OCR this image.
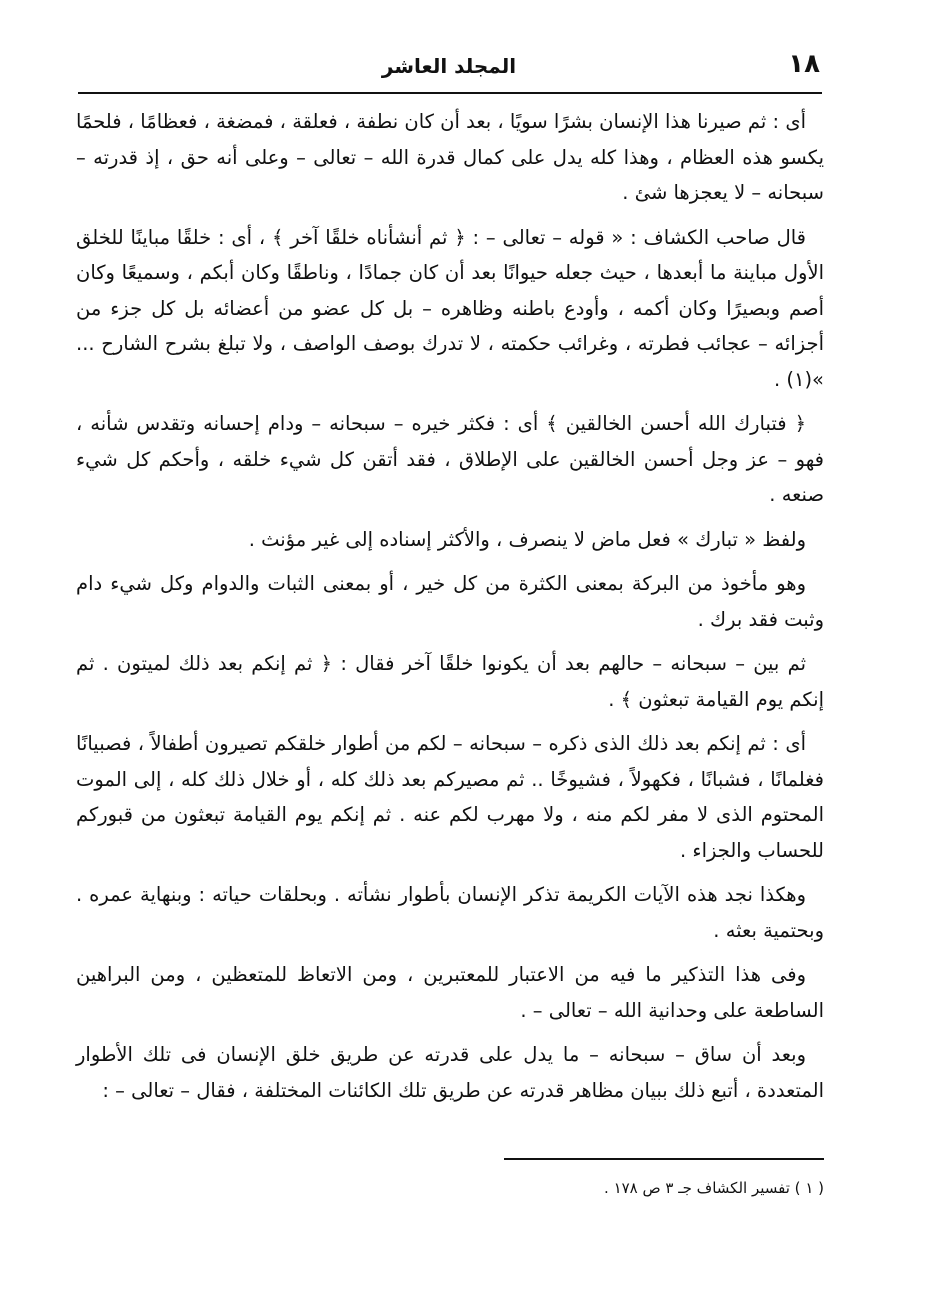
١٨
المجلد العاشر

أى : ثم صيرنا هذا الإنسان بشرًا سويًا ، بعد أن كان نطفة ، فعلقة ، فمضغة ، فعظامًا ، فلحمًا يكسو هذه العظام ، وهذا كله يدل على كمال قدرة الله – تعالى – وعلى أنه حق ، إذ قدرته – سبحانه – لا يعجزها شئ .

قال صاحب الكشاف : « قوله – تعالى – : ﴿ ثم أنشأناه خلقًا آخر ﴾ ، أى : خلقًا مباينًا للخلق الأول مباينة ما أبعدها ، حيث جعله حيوانًا بعد أن كان جمادًا ، وناطقًا وكان أبكم ، وسميعًا وكان أصم وبصيرًا وكان أكمه ، وأودع باطنه وظاهره – بل كل عضو من أعضائه بل كل جزء من أجزائه – عجائب فطرته ، وغرائب حكمته ، لا تدرك بوصف الواصف ، ولا تبلغ بشرح الشارح ... »(١) .

﴿ فتبارك الله أحسن الخالقين ﴾ أى : فكثر خيره – سبحانه – ودام إحسانه وتقدس شأنه ، فهو – عز وجل أحسن الخالقين على الإطلاق ، فقد أتقن كل شيء خلقه ، وأحكم كل شيء صنعه .

ولفظ « تبارك » فعل ماض لا ينصرف ، والأكثر إسناده إلى غير مؤنث .

وهو مأخوذ من البركة بمعنى الكثرة من كل خير ، أو بمعنى الثبات والدوام وكل شيء دام وثبت فقد برك .

ثم بين – سبحانه – حالهم بعد أن يكونوا خلقًا آخر فقال : ﴿ ثم إنكم بعد ذلك لميتون . ثم إنكم يوم القيامة تبعثون ﴾ .

أى : ثم إنكم بعد ذلك الذى ذكره – سبحانه – لكم من أطوار خلقكم تصيرون أطفالاً ، فصبيانًا فغلمانًا ، فشبانًا ، فكهولاً ، فشيوخًا .. ثم مصيركم بعد ذلك كله ، أو خلال ذلك كله ، إلى الموت المحتوم الذى لا مفر لكم منه ، ولا مهرب لكم عنه . ثم إنكم يوم القيامة تبعثون من قبوركم للحساب والجزاء .

وهكذا نجد هذه الآيات الكريمة تذكر الإنسان بأطوار نشأته . وبحلقات حياته : وبنهاية عمره . وبحتمية بعثه .

وفى هذا التذكير ما فيه من الاعتبار للمعتبرين ، ومن الاتعاظ للمتعظين ، ومن البراهين الساطعة على وحدانية الله – تعالى – .

وبعد أن ساق – سبحانه – ما يدل على قدرته عن طريق خلق الإنسان فى تلك الأطوار المتعددة ، أتبع ذلك ببيان مظاهر قدرته عن طريق تلك الكائنات المختلفة ، فقال – تعالى – :

( ١ ) تفسير الكشاف جـ ٣ ص ١٧٨ .
